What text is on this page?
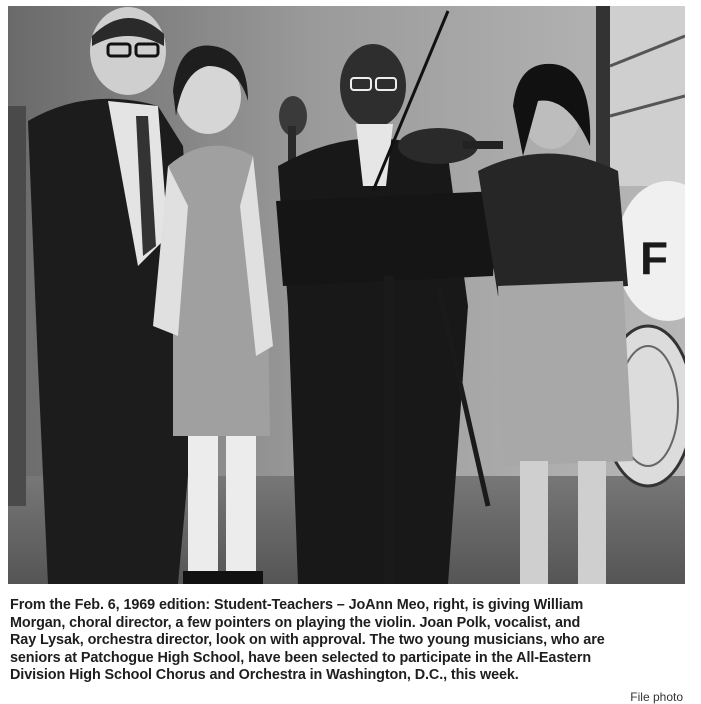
F
From the Feb. 6, 1969 edition: Student-Teachers – JoAnn Meo, right, is giving William
Morgan, choral director, a few pointers on playing the violin. Joan Polk, vocalist, and
Ray Lysak, orchestra director, look on with approval. The two young musicians, who are
seniors at Patchogue High School, have been selected to participate in the All-Eastern
Division High School Chorus and Orchestra in Washington, D.C., this week.
File photo
